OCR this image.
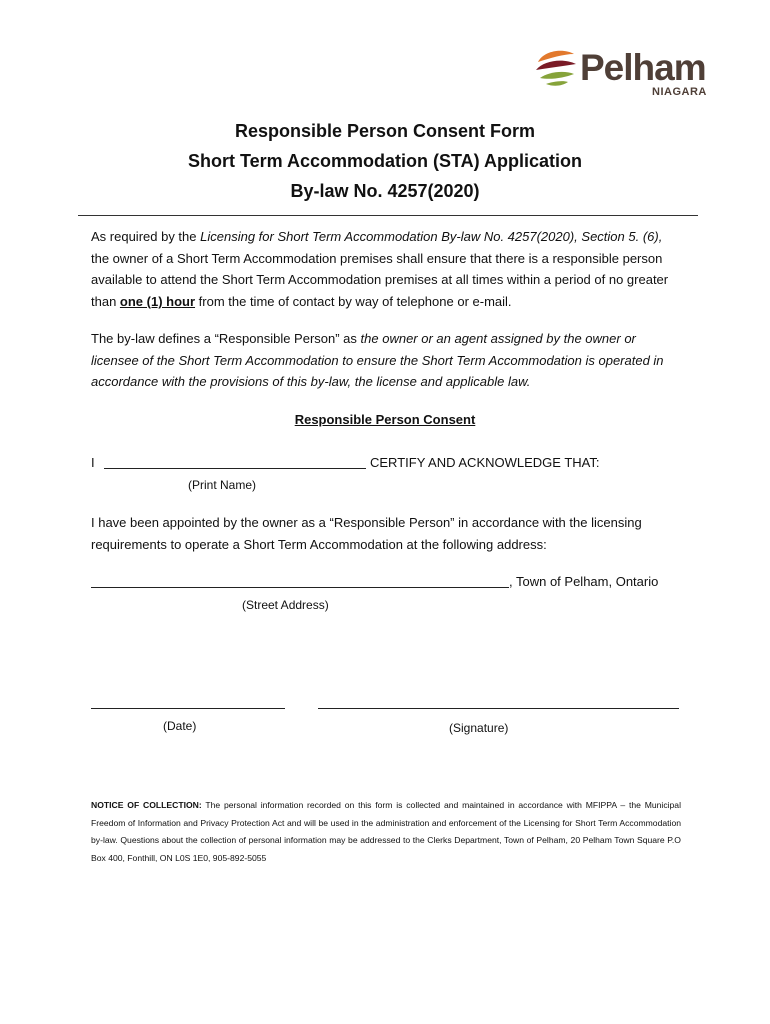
Pelham
NIAGARA
Responsible Person Consent Form
Short Term Accommodation (STA) Application
By-law No. 4257(2020)
As required by the Licensing for Short Term Accommodation By-law No. 4257(2020), Section 5. (6), the owner of a Short Term Accommodation premises shall ensure that there is a responsible person available to attend the Short Term Accommodation premises at all times within a period of no greater than one (1) hour from the time of contact by way of telephone or e-mail.
The by-law defines a “Responsible Person” as the owner or an agent assigned by the owner or licensee of the Short Term Accommodation to ensure the Short Term Accommodation is operated in accordance with the provisions of this by-law, the license and applicable law.
Responsible Person Consent
I	CERTIFY AND ACKNOWLEDGE THAT:
(Print Name)
I have been appointed by the owner as a “Responsible Person” in accordance with the licensing requirements to operate a Short Term Accommodation at the following address:
, Town of Pelham, Ontario
(Street Address)
(Date)	(Signature)
NOTICE OF COLLECTION: The personal information recorded on this form is collected and maintained in accordance with MFIPPA – the Municipal Freedom of Information and Privacy Protection Act and will be used in the administration and enforcement of the Licensing for Short Term Accommodation by-law. Questions about the collection of personal information may be addressed to the Clerks Department, Town of Pelham, 20 Pelham Town Square P.O Box 400, Fonthill, ON L0S 1E0, 905-892-5055
